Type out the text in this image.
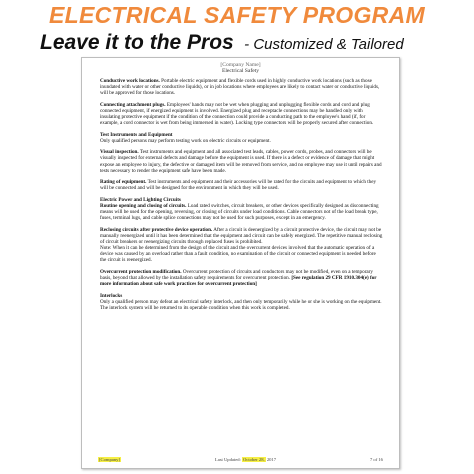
ELECTRICAL SAFETY PROGRAM
Leave it to the Pros - Customized & Tailored
[Company Name]
Electrical Safety

Conductive work locations. Portable electric equipment and flexible cords used in highly conductive work locations (such as those inundated with water or other conductive liquids), or in job locations where employees are likely to contact water or conductive liquids, will be approved for those locations.

Connecting attachment plugs. Employees' hands may not be wet when plugging and unplugging flexible cords and cord and plug connected equipment, if energized equipment is involved. Energized plug and receptacle connections may be handled only with insulating protective equipment if the condition of the connection could provide a conducting path to the employee's hand (if, for example, a cord connector is wet from being immersed in water). Locking type connectors will be properly secured after connection.

Test Instruments and Equipment
Only qualified persons may perform testing work on electric circuits or equipment.

Visual inspection. Test instruments and equipment and all associated test leads, cables, power cords, probes, and connectors will be visually inspected for external defects and damage before the equipment is used. If there is a defect or evidence of damage that might expose an employee to injury, the defective or damaged item will be removed from service, and no employee may use it until repairs and tests necessary to render the equipment safe have been made.

Rating of equipment. Test instruments and equipment and their accessories will be rated for the circuits and equipment to which they will be connected and will be designed for the environment in which they will be used.

Electric Power and Lighting Circuits
Routine opening and closing of circuits. Load rated switches, circuit breakers, or other devices specifically designed as disconnecting means will be used for the opening, reversing, or closing of circuits under load conditions. Cable connectors not of the load break type, fuses, terminal lugs, and cable splice connections may not be used for such purposes, except in an emergency.

Reclosing circuits after protective device operation. After a circuit is deenergized by a circuit protective device, the circuit may not be manually reenergized until it has been determined that the equipment and circuit can be safely energized. The repetitive manual reclosing of circuit breakers or reenergizing circuits through replaced fuses is prohibited.
Note: When it can be determined from the design of the circuit and the overcurrent devices involved that the automatic operation of a device was caused by an overload rather than a fault condition, no examination of the circuit or connected equipment is needed before the circuit is reenergized.

Overcurrent protection modification. Overcurrent protection of circuits and conductors may not be modified, even on a temporary basis, beyond that allowed by the installation safety requirements for overcurrent protection. [See regulation 29 CFR 1910.304(e) for more information about safe work practices for overcurrent protection]

Interlocks
Only a qualified person may defeat an electrical safety interlock, and then only temporarily while he or she is working on the equipment. The interlock system will be returned to its operable condition when this work is completed.

[Company]	Last Updated: October 28, 2017	7 of 16
